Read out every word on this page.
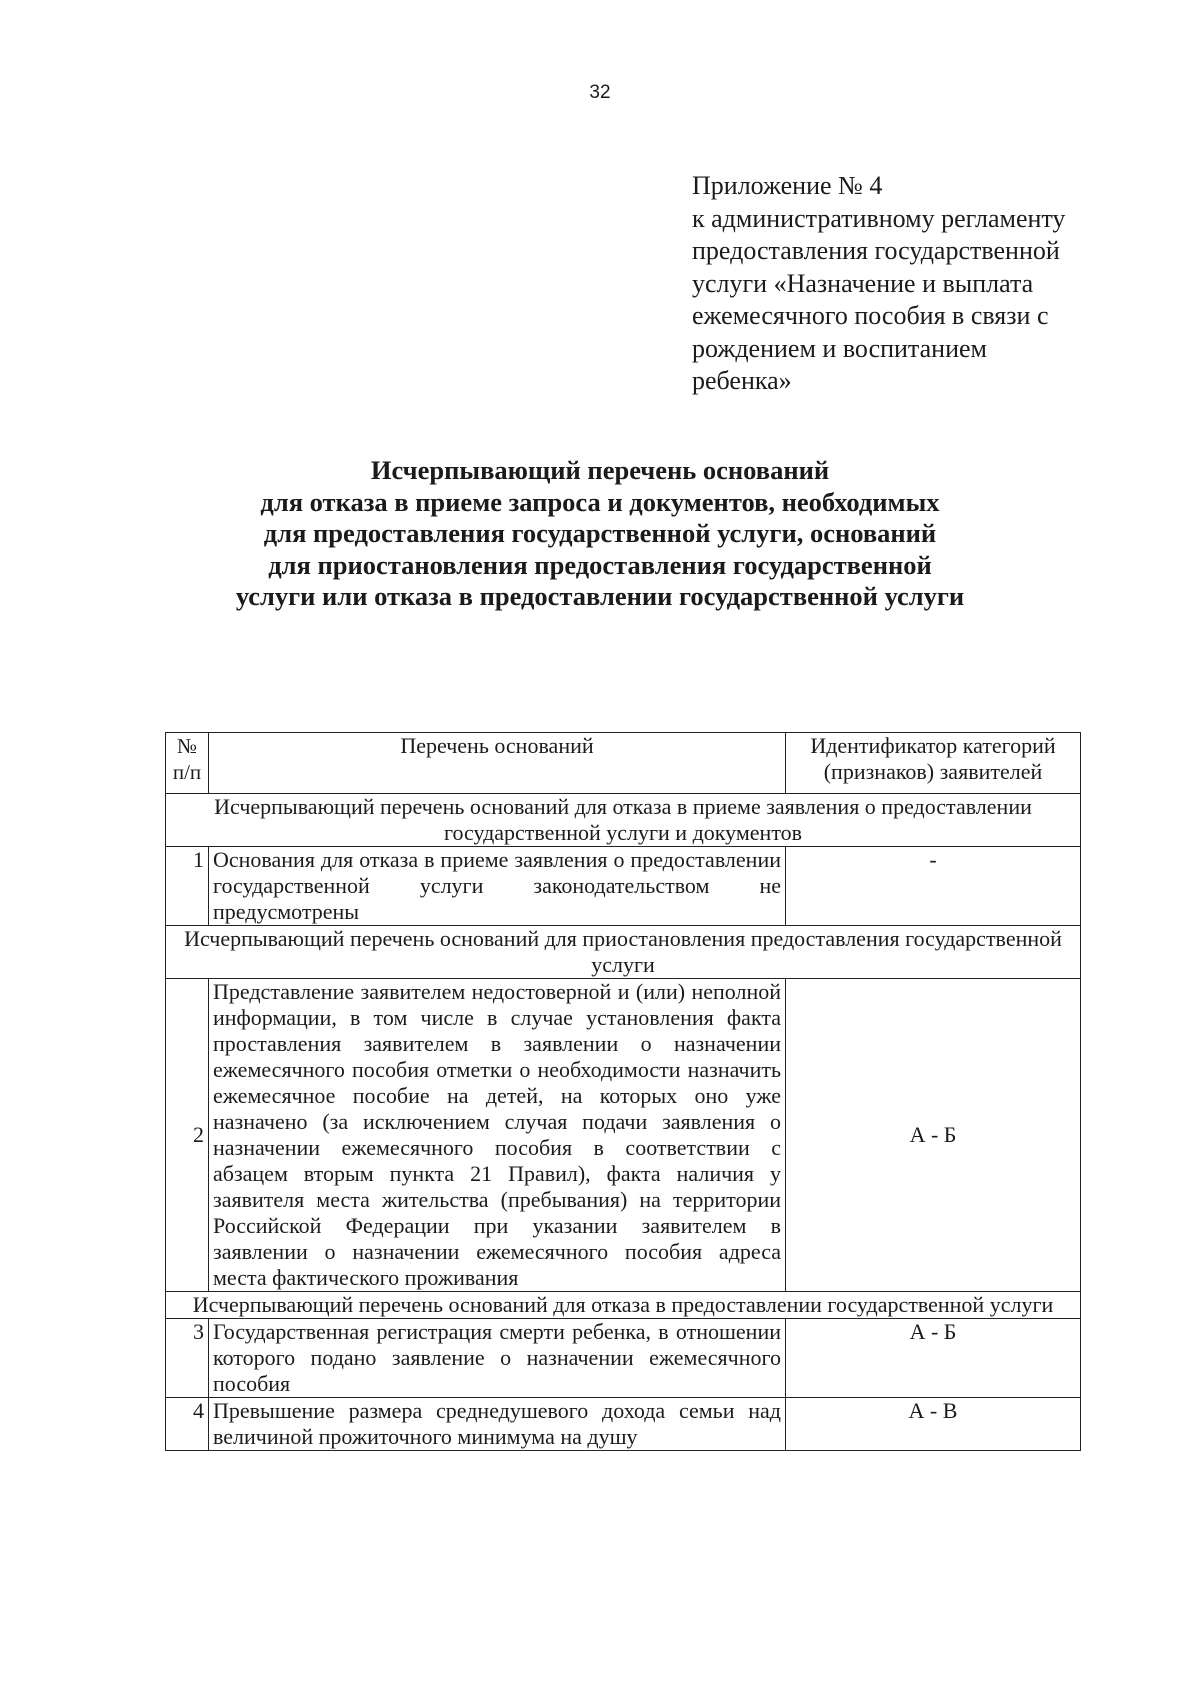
32
Приложение № 4
к административному регламенту
предоставления государственной
услуги «Назначение и выплата
ежемесячного пособия в связи с
рождением и воспитанием
ребенка»
Исчерпывающий перечень оснований
для отказа в приеме запроса и документов, необходимых
для предоставления государственной услуги, оснований
для приостановления предоставления государственной
услуги или отказа в предоставлении государственной услуги
№ п/п	Перечень оснований	Идентификатор категорий (признаков) заявителей
Исчерпывающий перечень оснований для отказа в приеме заявления о предоставлении государственной услуги и документов		
1	Основания для отказа в приеме заявления о предоставлении государственной услуги законодательством не предусмотрены	-
Исчерпывающий перечень оснований для приостановления предоставления государственной услуги		
2	Представление заявителем недостоверной и (или) неполной информации, в том числе в случае установления факта проставления заявителем в заявлении о назначении ежемесячного пособия отметки о необходимости назначить ежемесячное пособие на детей, на которых оно уже назначено (за исключением случая подачи заявления о назначении ежемесячного пособия в соответствии с абзацем вторым пункта 21 Правил), факта наличия у заявителя места жительства (пребывания) на территории Российской Федерации при указании заявителем в заявлении о назначении ежемесячного пособия адреса места фактического проживания	А - Б
Исчерпывающий перечень оснований для отказа в предоставлении государственной услуги		
3	Государственная регистрация смерти ребенка, в отношении которого подано заявление о назначении ежемесячного пособия	А - Б
4	Превышение размера среднедушевого дохода семьи над величиной прожиточного минимума на душу	А - В
